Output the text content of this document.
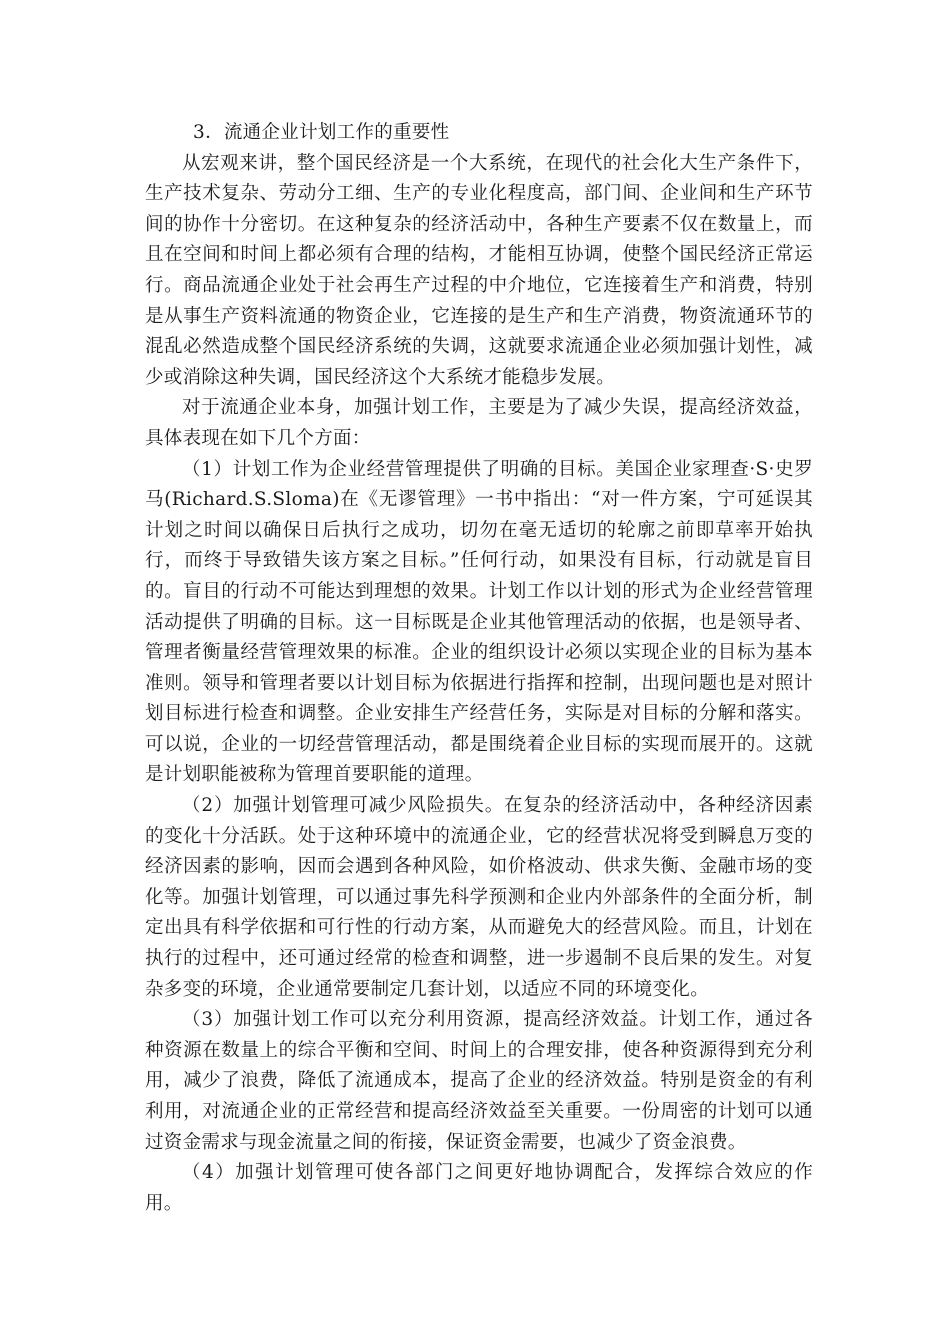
3．流通企业计划工作的重要性

从宏观来讲，整个国民经济是一个大系统，在现代的社会化大生产条件下，生产技术复杂、劳动分工细、生产的专业化程度高，部门间、企业间和生产环节间的协作十分密切。在这种复杂的经济活动中，各种生产要素不仅在数量上，而且在空间和时间上都必须有合理的结构，才能相互协调，使整个国民经济正常运行。商品流通企业处于社会再生产过程的中介地位，它连接着生产和消费，特别是从事生产资料流通的物资企业，它连接的是生产和生产消费，物资流通环节的混乱必然造成整个国民经济系统的失调，这就要求流通企业必须加强计划性，减少或消除这种失调，国民经济这个大系统才能稳步发展。

对于流通企业本身，加强计划工作，主要是为了减少失误，提高经济效益，具体表现在如下几个方面：

（1）计划工作为企业经营管理提供了明确的目标。美国企业家理查·S·史罗马(Richard.S.Sloma)在《无谬管理》一书中指出：“对一件方案，宁可延误其计划之时间以确保日后执行之成功，切勿在毫无适切的轮廓之前即草率开始执行，而终于导致错失该方案之目标。”任何行动，如果没有目标，行动就是盲目的。盲目的行动不可能达到理想的效果。计划工作以计划的形式为企业经营管理活动提供了明确的目标。这一目标既是企业其他管理活动的依据，也是领导者、管理者衡量经营管理效果的标准。企业的组织设计必须以实现企业的目标为基本准则。领导和管理者要以计划目标为依据进行指挥和控制，出现问题也是对照计划目标进行检查和调整。企业安排生产经营任务，实际是对目标的分解和落实。可以说，企业的一切经营管理活动，都是围绕着企业目标的实现而展开的。这就是计划职能被称为管理首要职能的道理。

（2）加强计划管理可减少风险损失。在复杂的经济活动中，各种经济因素的变化十分活跃。处于这种环境中的流通企业，它的经营状况将受到瞬息万变的经济因素的影响，因而会遇到各种风险，如价格波动、供求失衡、金融市场的变化等。加强计划管理，可以通过事先科学预测和企业内外部条件的全面分析，制定出具有科学依据和可行性的行动方案，从而避免大的经营风险。而且，计划在执行的过程中，还可通过经常的检查和调整，进一步遏制不良后果的发生。对复杂多变的环境，企业通常要制定几套计划，以适应不同的环境变化。

（3）加强计划工作可以充分利用资源，提高经济效益。计划工作，通过各种资源在数量上的综合平衡和空间、时间上的合理安排，使各种资源得到充分利用，减少了浪费，降低了流通成本，提高了企业的经济效益。特别是资金的有利利用，对流通企业的正常经营和提高经济效益至关重要。一份周密的计划可以通过资金需求与现金流量之间的衔接，保证资金需要，也减少了资金浪费。

（4）加强计划管理可使各部门之间更好地协调配合，发挥综合效应的作用。
